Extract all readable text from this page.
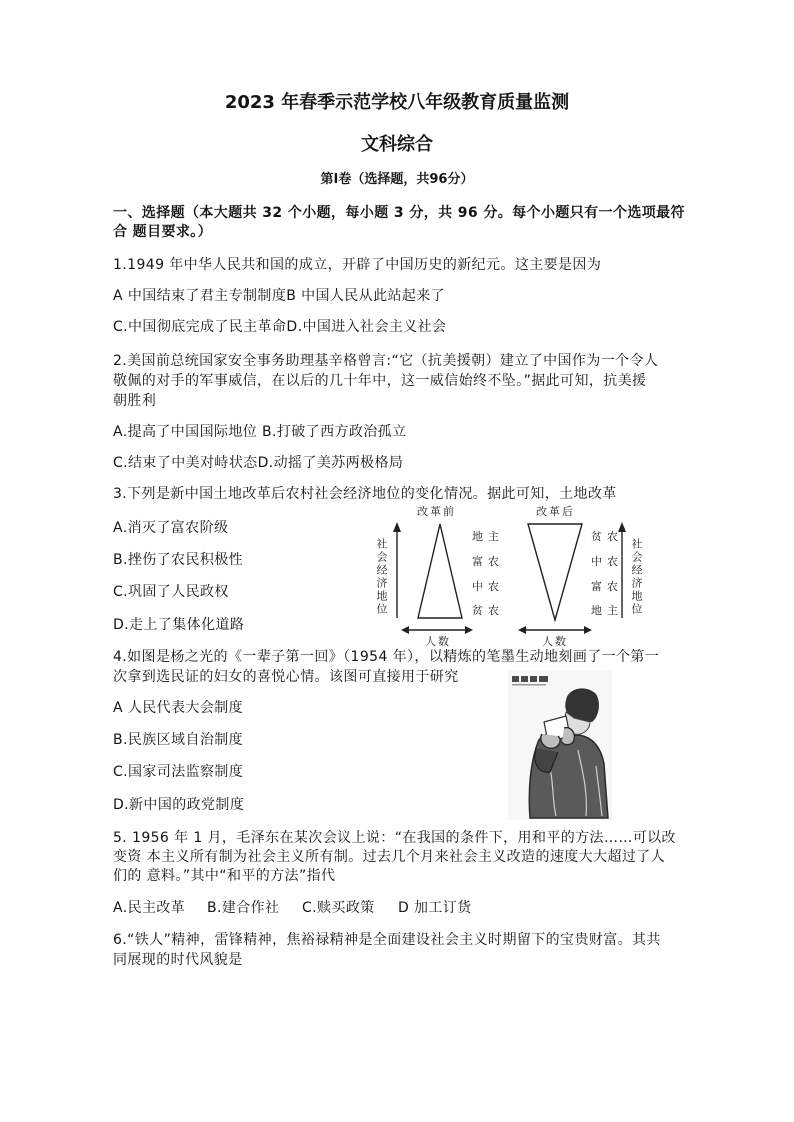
2023 年春季示范学校八年级教育质量监测
文科综合
第I卷（选择题，共96分）
一、选择题（本大题共 32 个小题，每小题 3 分，共 96 分。每个小题只有一个选项最符
合 题目要求。）
1.1949 年中华人民共和国的成立，开辟了中国历史的新纪元。这主要是因为
A 中国结束了君主专制制度B 中国人民从此站起来了
C.中国彻底完成了民主革命D.中国进入社会主义社会
2.美国前总统国家安全事务助理基辛格曾言:“它（抗美援朝）建立了中国作为一个令人
敬佩的对手的军事威信，在以后的几十年中，这一威信始终不坠。”据此可知，抗美援
朝胜利
A.提高了中国国际地位 B.打破了西方政治孤立
C.结束了中美对峙状态D.动摇了美苏两极格局
3.下列是新中国土地改革后农村社会经济地位的变化情况。据此可知，土地改革
A.消灭了富农阶级
B.挫伤了农民积极性
C.巩固了人民政权
D.走上了集体化道路
改革前	改革后
社会经济地位	社会经济地位
地主
富农
中农
贫农
贫农
中农
富农
地主
人数	人数
4.如图是杨之光的《一辈子第一回》（1954 年），以精炼的笔墨生动地刻画了一个第一
次拿到选民证的妇女的喜悦心情。该图可直接用于研究
A 人民代表大会制度
B.民族区域自治制度
C.国家司法监察制度
D.新中国的政党制度
5. 1956 年 1 月，毛泽东在某次会议上说：“在我国的条件下，用和平的方法……可以改
变资 本主义所有制为社会主义所有制。过去几个月来社会主义改造的速度大大超过了人
们的 意料。”其中“和平的方法”指代
A.民主改革 B.建合作社 C.赎买政策 D 加工订货
6.“铁人”精神，雷锋精神，焦裕禄精神是全面建设社会主义时期留下的宝贵财富。其共
同展现的时代风貌是
